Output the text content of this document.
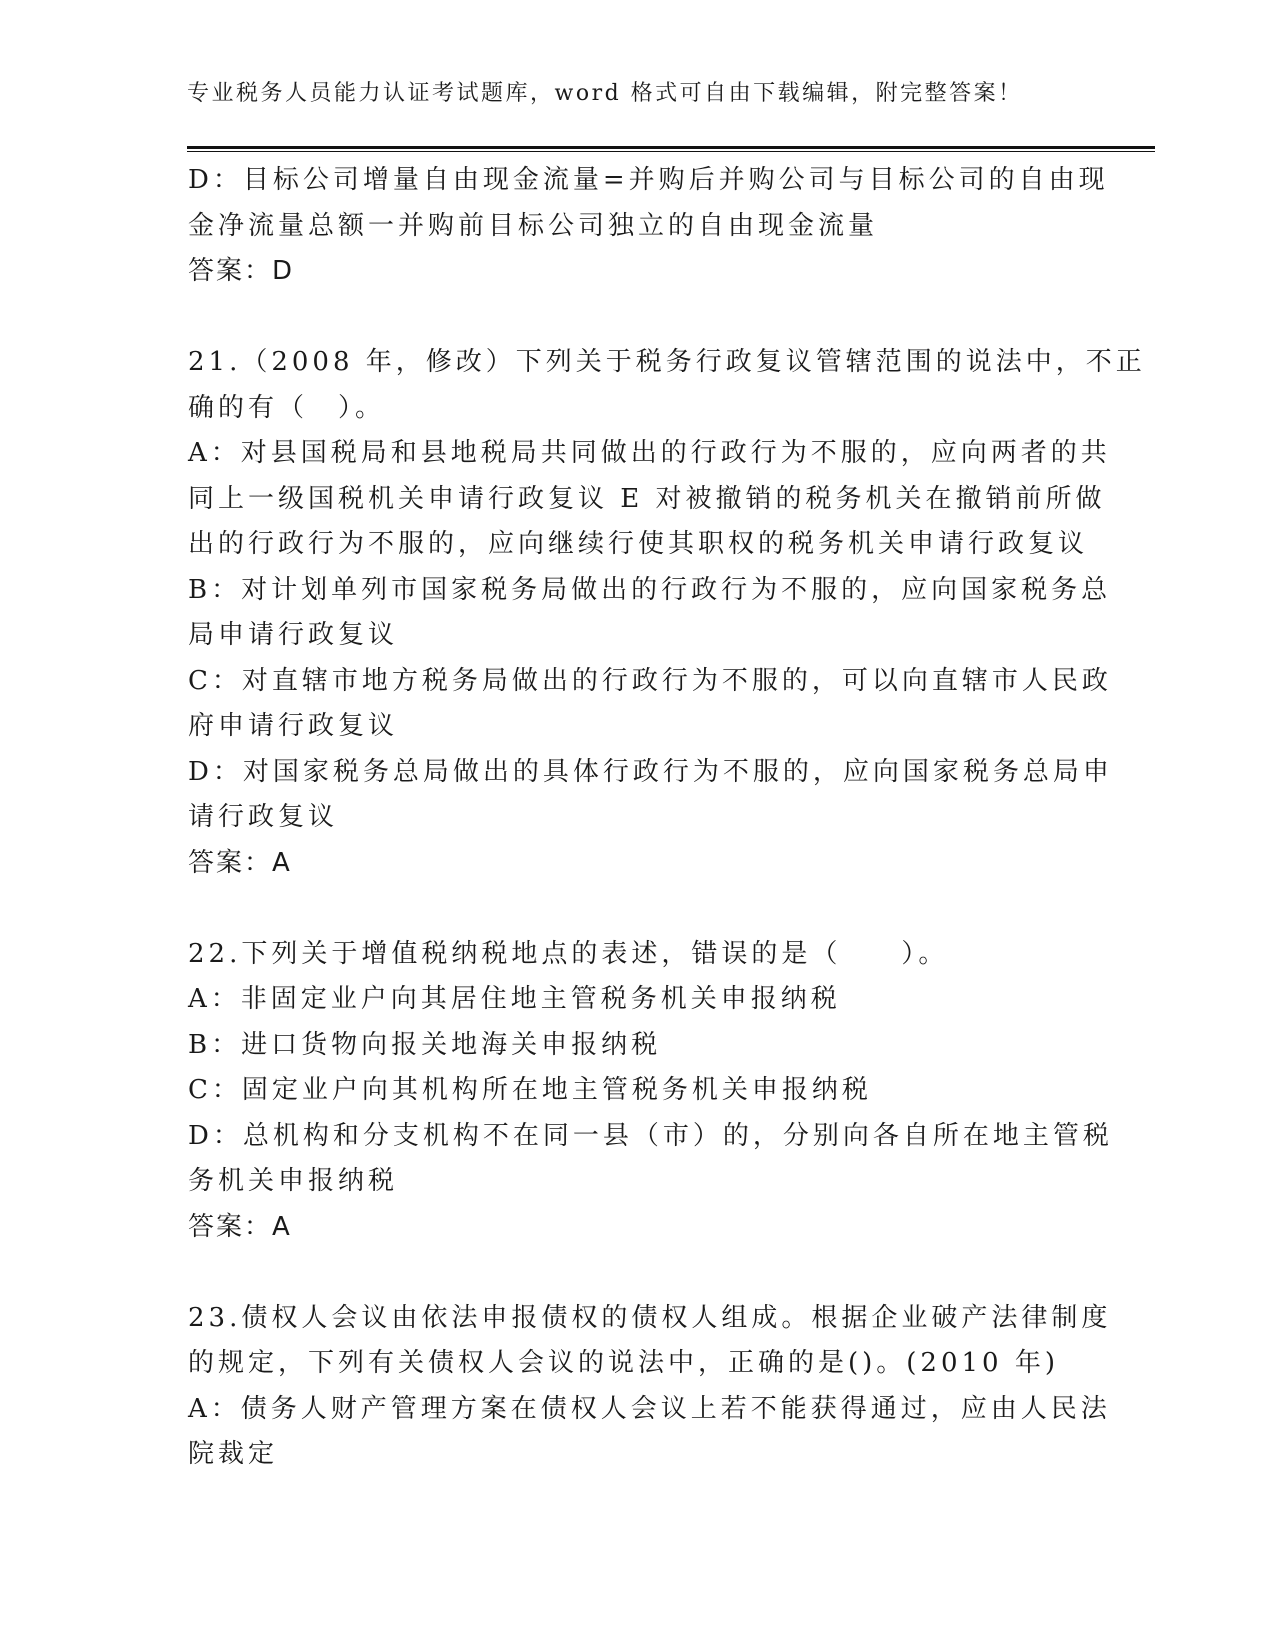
专业税务人员能力认证考试题库，word 格式可自由下载编辑，附完整答案！
D：目标公司增量自由现金流量=并购后并购公司与目标公司的自由现
金净流量总额一并购前目标公司独立的自由现金流量
答案：D
21.（2008 年，修改）下列关于税务行政复议管辖范围的说法中，不正
确的有（　）。
A：对县国税局和县地税局共同做出的行政行为不服的，应向两者的共
同上一级国税机关申请行政复议 E 对被撤销的税务机关在撤销前所做
出的行政行为不服的，应向继续行使其职权的税务机关申请行政复议
B：对计划单列市国家税务局做出的行政行为不服的，应向国家税务总
局申请行政复议
C：对直辖市地方税务局做出的行政行为不服的，可以向直辖市人民政
府申请行政复议
D：对国家税务总局做出的具体行政行为不服的，应向国家税务总局申
请行政复议
答案：A
22.下列关于增值税纳税地点的表述，错误的是（　　）。
A：非固定业户向其居住地主管税务机关申报纳税
B：进口货物向报关地海关申报纳税
C：固定业户向其机构所在地主管税务机关申报纳税
D：总机构和分支机构不在同一县（市）的，分别向各自所在地主管税
务机关申报纳税
答案：A
23.债权人会议由依法申报债权的债权人组成。根据企业破产法律制度
的规定，下列有关债权人会议的说法中，正确的是()。(2010 年)
A：债务人财产管理方案在债权人会议上若不能获得通过，应由人民法
院裁定
